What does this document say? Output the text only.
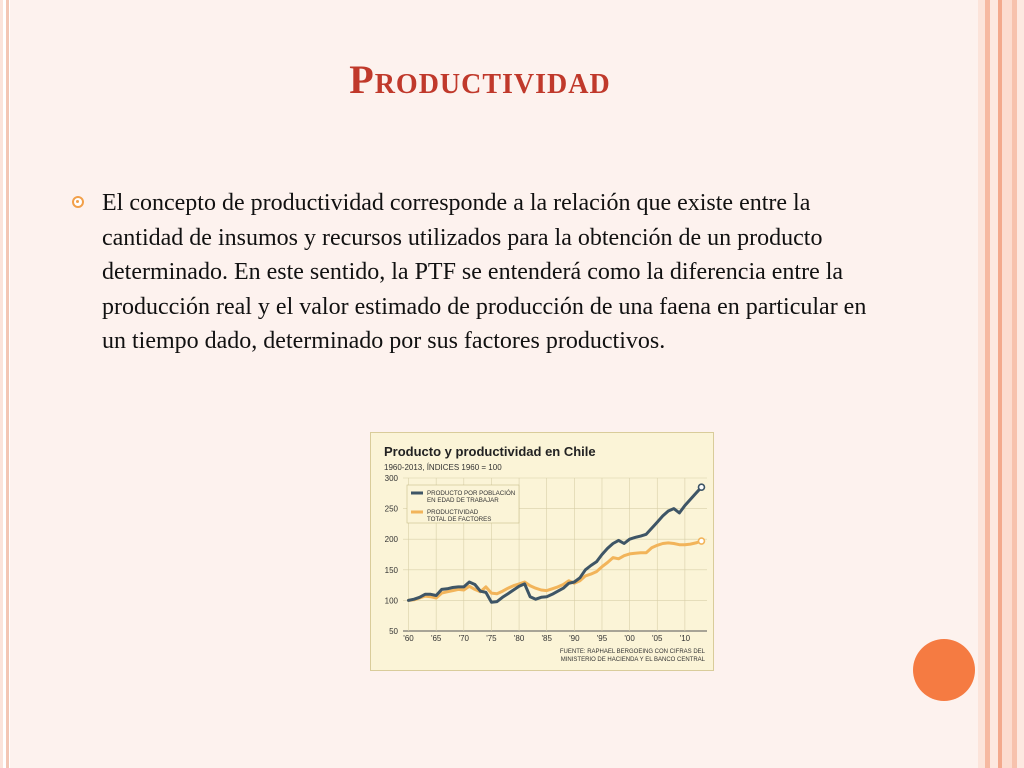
Productividad
El concepto de productividad corresponde a la relación que existe entre la cantidad de insumos y recursos utilizados para la obtención de un producto determinado. En este sentido, la PTF se entenderá como la diferencia entre la producción real y el valor estimado de producción de una faena en particular en un tiempo dado, determinado por sus factores productivos.
Producto y productividad en Chile
1960-2013, ÍNDICES 1960 = 100
50
100
150
200
250
300
'60 '65 '70 '75 '80 '85 '90 '95 '00 '05 '10
PRODUCTO POR POBLACIÓN
EN EDAD DE TRABAJAR
PRODUCTIVIDAD
TOTAL DE FACTORES
FUENTE: RAPHAEL BERGOEING CON CIFRAS DEL
MINISTERIO DE HACIENDA Y EL BANCO CENTRAL
